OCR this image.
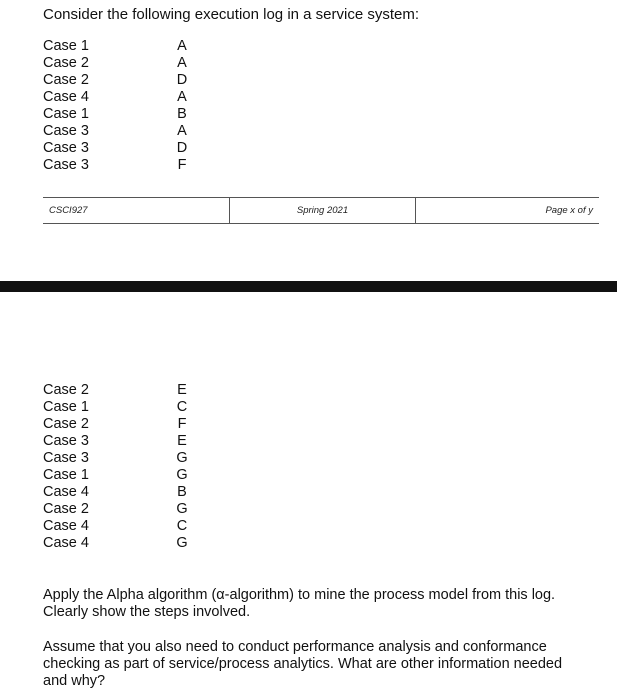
Consider the following execution log in a service system:
Case 1	A
Case 2	A
Case 2	D
Case 4	A
Case 1	B
Case 3	A
Case 3	D
Case 3	F
CSCI927	Spring 2021	Page x of y
Case 2	E
Case 1	C
Case 2	F
Case 3	E
Case 3	G
Case 1	G
Case 4	B
Case 2	G
Case 4	C
Case 4	G
Apply the Alpha algorithm (α-algorithm) to mine the process model from this log. Clearly show the steps involved.
Assume that you also need to conduct performance analysis and conformance checking as part of service/process analytics. What are other information needed and why?
